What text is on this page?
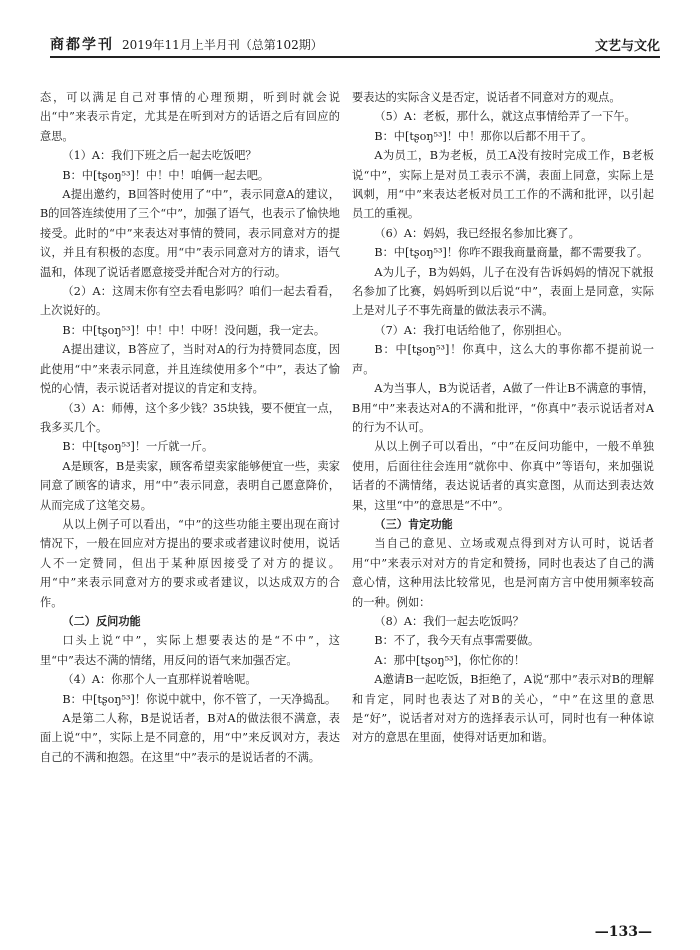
商都学刊 2019年11月上半月刊（总第102期）	文艺与文化

态，可以满足自己对事情的心理预期，听到时就会说出“中”来表示肯定，尤其是在听到对方的话语之后有回应的意思。

（1）A：我们下班之后一起去吃饭吧？

B：中[tʂoŋ⁵³]！中！中！咱俩一起去吧。

A提出邀约，B回答时使用了“中”，表示同意A的建议，B的回答连续使用了三个“中”，加强了语气，也表示了愉快地接受。此时的“中”来表达对事情的赞同，表示同意对方的提议，并且有积极的态度。用“中”表示同意对方的请求，语气温和，体现了说话者愿意接受并配合对方的行动。

（2）A：这周末你有空去看电影吗？咱们一起去看看，上次说好的。

B：中[tʂoŋ⁵³]！中！中！中呀！没问题，我一定去。

A提出建议，B答应了，当时对A的行为持赞同态度，因此使用“中”来表示同意，并且连续使用多个“中”，表达了愉悦的心情，表示说话者对提议的肯定和支持。

（3）A：师傅，这个多少钱？35块钱，要不便宜一点，我多买几个。

B：中[tʂoŋ⁵³]！一斤就一斤。

A是顾客，B是卖家，顾客希望卖家能够便宜一些，卖家同意了顾客的请求，用“中”表示同意，表明自己愿意降价，从而完成了这笔交易。

从以上例子可以看出，“中”的这些功能主要出现在商讨情况下，一般在回应对方提出的要求或者建议时使用，说话人不一定赞同，但出于某种原因接受了对方的提议。用“中”来表示同意对方的要求或者建议，以达成双方的合作。

（二）反问功能

口头上说“中”，实际上想要表达的是“不中”，这里“中”表达不满的情绪，用反问的语气来加强否定。

（4）A：你那个人一直那样说着啥呢。

B：中[tʂoŋ⁵³]！你说中就中，你不管了，一天净捣乱。

A是第二人称，B是说话者，B对A的做法很不满意，表面上说“中”，实际上是不同意的，用“中”来反讽对方，表达自己的不满和抱怨。在这里“中”表示的是说话者的不满。

要表达的实际含义是否定，说话者不同意对方的观点。

（5）A：老板，那什么，就这点事情给弄了一下午。

B：中[tʂoŋ⁵³]！中！那你以后都不用干了。

A为员工，B为老板，员工A没有按时完成工作，B老板说“中”，实际上是对员工表示不满，表面上同意，实际上是讽刺，用“中”来表达老板对员工工作的不满和批评，以引起员工的重视。

（6）A：妈妈，我已经报名参加比赛了。

B：中[tʂoŋ⁵³]！你咋不跟我商量商量，都不需要我了。

A为儿子，B为妈妈，儿子在没有告诉妈妈的情况下就报名参加了比赛，妈妈听到以后说“中”，表面上是同意，实际上是对儿子不事先商量的做法表示不满。

（7）A：我打电话给他了，你别担心。

B：中[tʂoŋ⁵³]！你真中，这么大的事你都不提前说一声。

A为当事人，B为说话者，A做了一件让B不满意的事情，B用“中”来表达对A的不满和批评，“你真中”表示说话者对A的行为不认可。

从以上例子可以看出，“中”在反问功能中，一般不单独使用，后面往往会连用“就你中、你真中”等语句，来加强说话者的不满情绪，表达说话者的真实意图，从而达到表达效果，这里“中”的意思是“不中”。

（三）肯定功能

当自己的意见、立场或观点得到对方认可时，说话者用“中”来表示对对方的肯定和赞扬，同时也表达了自己的满意心情，这种用法比较常见，也是河南方言中使用频率较高的一种。例如：

（8）A：我们一起去吃饭吗？

B：不了，我今天有点事需要做。

A：那中[tʂoŋ⁵³]，你忙你的！

A邀请B一起吃饭，B拒绝了，A说“那中”表示对B的理解和肯定，同时也表达了对B的关心，“中”在这里的意思是“好”，说话者对对方的选择表示认可，同时也有一种体谅对方的意思在里面，使得对话更加和谐。

—133—
